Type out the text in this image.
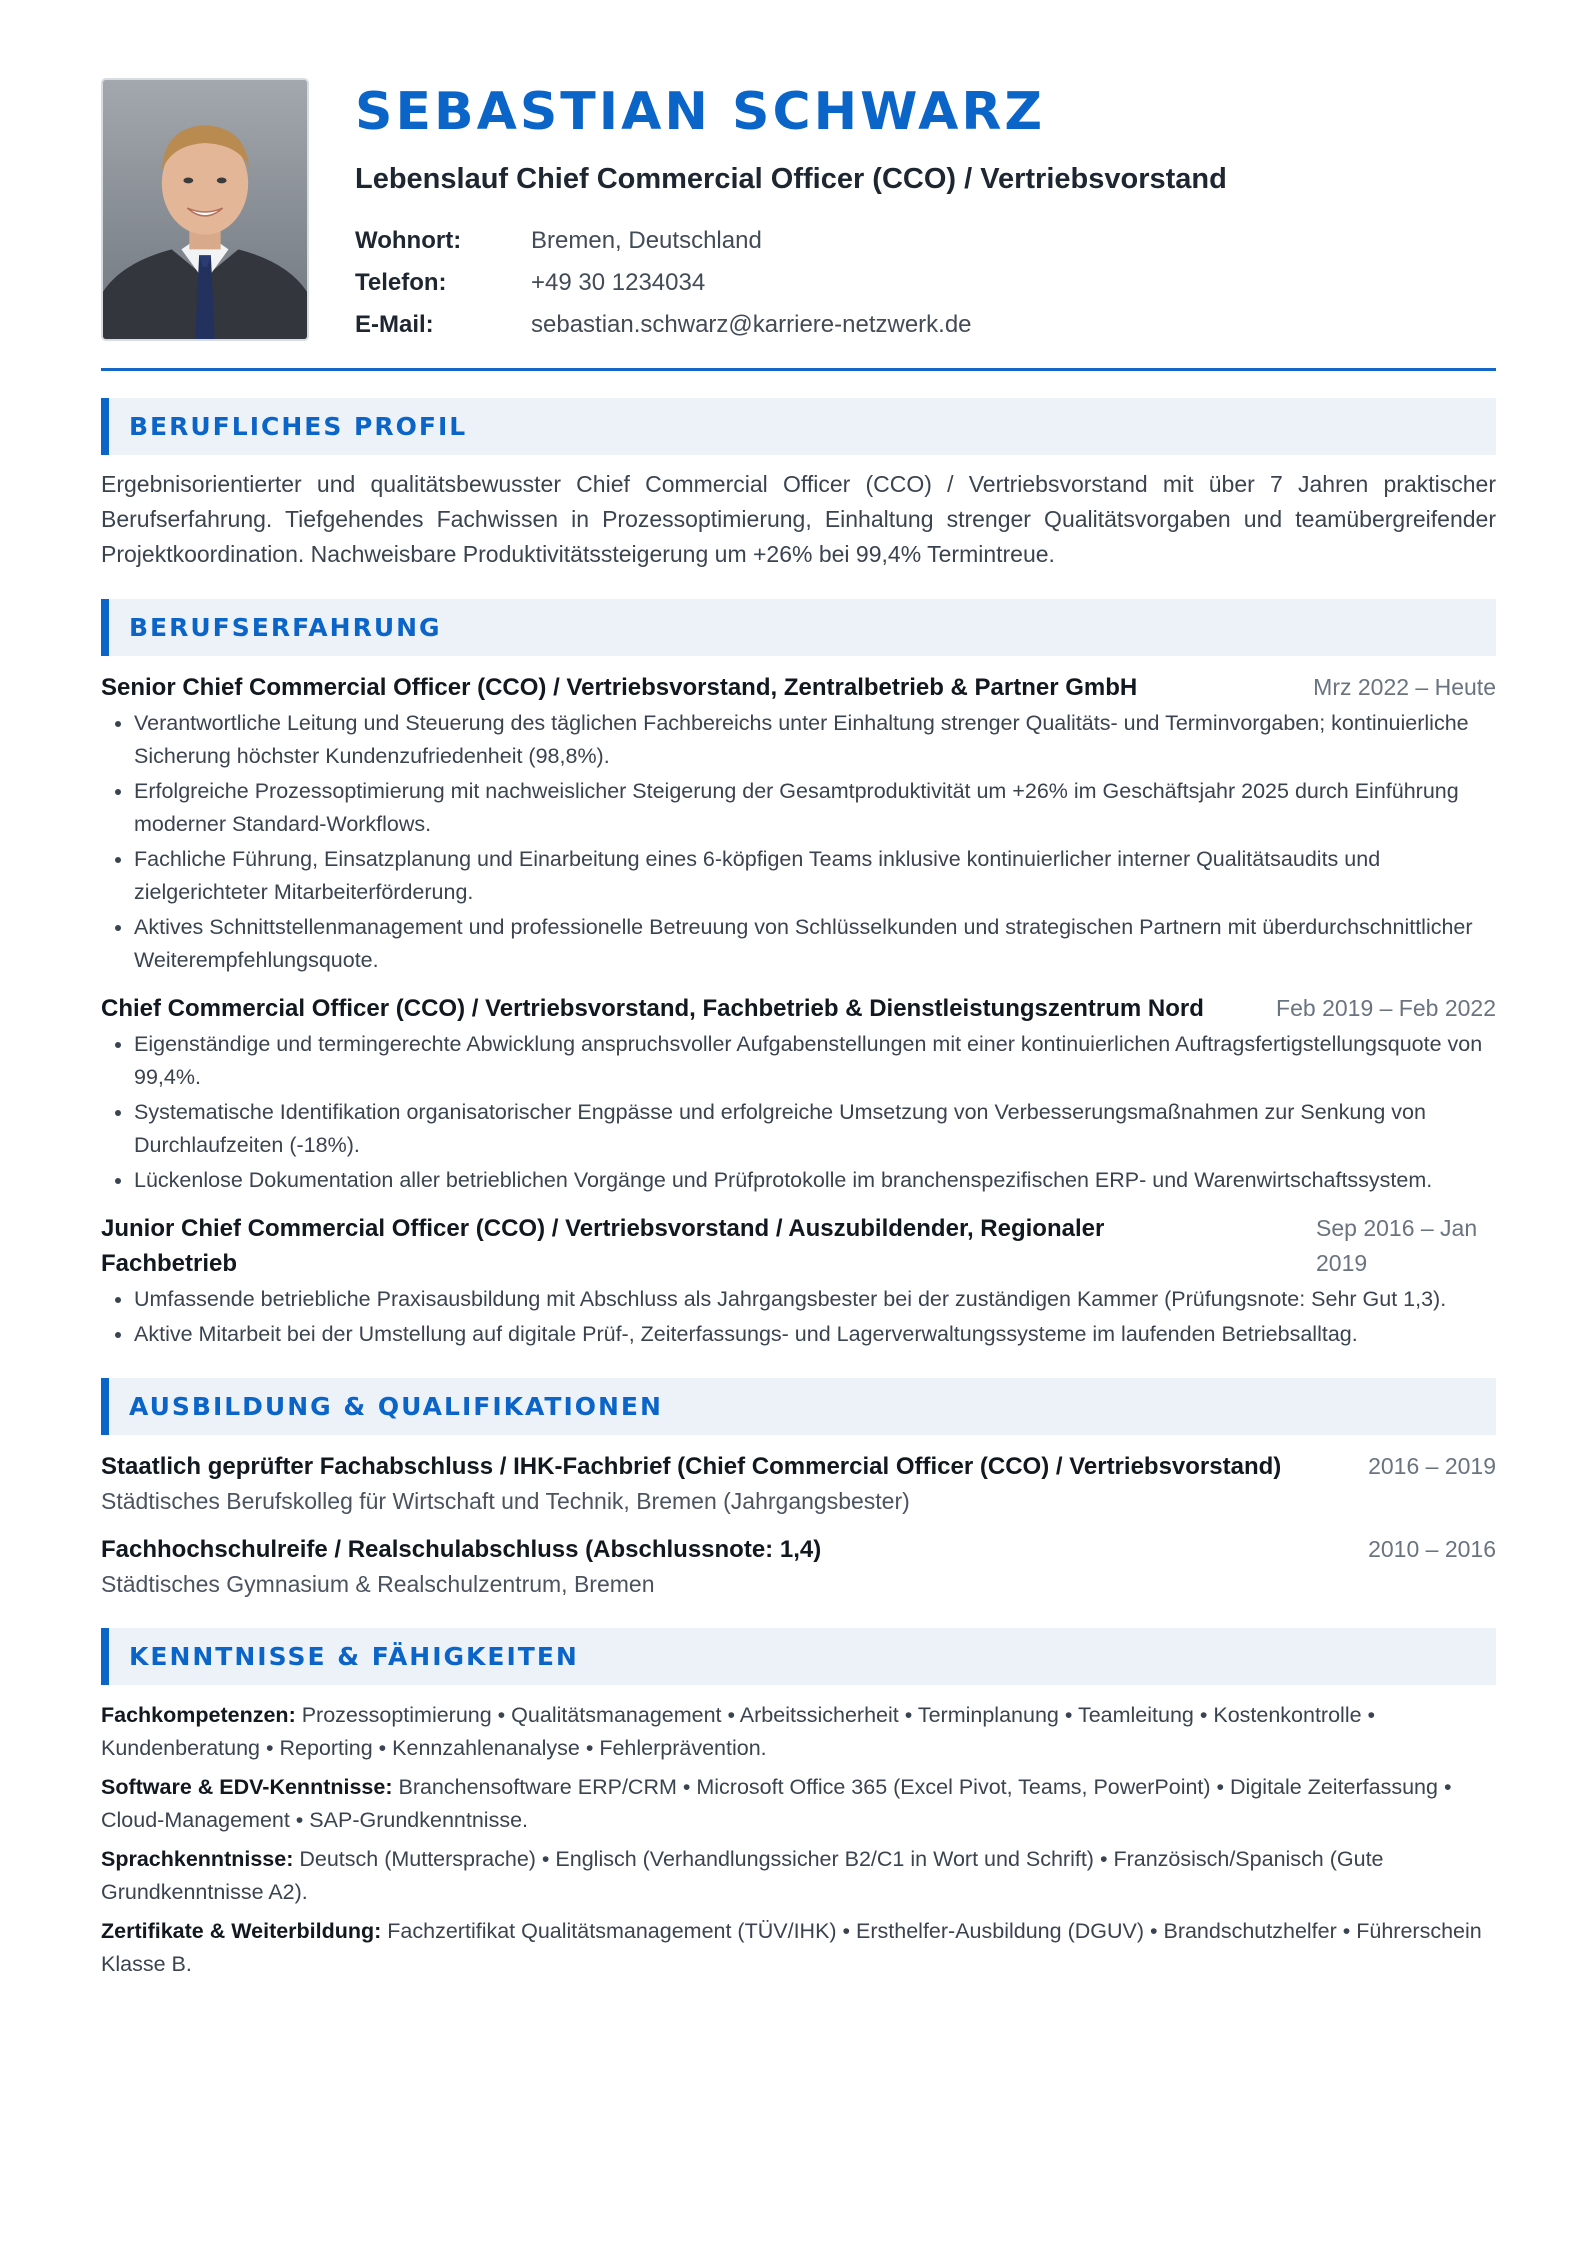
SEBASTIAN SCHWARZ
Lebenslauf Chief Commercial Officer (CCO) / Vertriebsvorstand
Wohnort:	Bremen, Deutschland
Telefon:	+49 30 1234034
E-Mail:	sebastian.schwarz@karriere-netzwerk.de
BERUFLICHES PROFIL

Ergebnisorientierter und qualitätsbewusster Chief Commercial Officer (CCO) / Vertriebsvorstand mit über 7 Jahren praktischer Berufserfahrung. Tiefgehendes Fachwissen in Prozessoptimierung, Einhaltung strenger Qualitätsvorgaben und teamübergreifender Projektkoordination. Nachweisbare Produktivitätssteigerung um +26% bei 99,4% Termintreue.

BERUFSERFAHRUNG
Senior Chief Commercial Officer (CCO) / Vertriebsvorstand, Zentralbetrieb & Partner GmbH	Mrz 2022 – Heute
• Verantwortliche Leitung und Steuerung des täglichen Fachbereichs unter Einhaltung strenger Qualitäts- und Terminvorgaben; kontinuierliche Sicherung höchster Kundenzufriedenheit (98,8%).
• Erfolgreiche Prozessoptimierung mit nachweislicher Steigerung der Gesamtproduktivität um +26% im Geschäftsjahr 2025 durch Einführung moderner Standard-Workflows.
• Fachliche Führung, Einsatzplanung und Einarbeitung eines 6-köpfigen Teams inklusive kontinuierlicher interner Qualitätsaudits und zielgerichteter Mitarbeiterförderung.
• Aktives Schnittstellenmanagement und professionelle Betreuung von Schlüsselkunden und strategischen Partnern mit überdurchschnittlicher Weiterempfehlungsquote.
Chief Commercial Officer (CCO) / Vertriebsvorstand, Fachbetrieb & Dienstleistungszentrum Nord	Feb 2019 – Feb 2022
• Eigenständige und termingerechte Abwicklung anspruchsvoller Aufgabenstellungen mit einer kontinuierlichen Auftragsfertigstellungsquote von 99,4%.
• Systematische Identifikation organisatorischer Engpässe und erfolgreiche Umsetzung von Verbesserungsmaßnahmen zur Senkung von Durchlaufzeiten (-18%).
• Lückenlose Dokumentation aller betrieblichen Vorgänge und Prüfprotokolle im branchenspezifischen ERP- und Warenwirtschaftssystem.
Junior Chief Commercial Officer (CCO) / Vertriebsvorstand / Auszubildender, Regionaler Fachbetrieb
Sep 2016 – Jan 2019
• Umfassende betriebliche Praxisausbildung mit Abschluss als Jahrgangsbester bei der zuständigen Kammer (Prüfungsnote: Sehr Gut 1,3).
• Aktive Mitarbeit bei der Umstellung auf digitale Prüf-, Zeiterfassungs- und Lagerverwaltungssysteme im laufenden Betriebsalltag.
AUSBILDUNG & QUALIFIKATIONEN
Staatlich geprüfter Fachabschluss / IHK-Fachbrief (Chief Commercial Officer (CCO) / Vertriebsvorstand)	2016 – 2019
Städtisches Berufskolleg für Wirtschaft und Technik, Bremen (Jahrgangsbester)
Fachhochschulreife / Realschulabschluss (Abschlussnote: 1,4)	2010 – 2016
Städtisches Gymnasium & Realschulzentrum, Bremen
KENNTNISSE & FÄHIGKEITEN
Fachkompetenzen: Prozessoptimierung • Qualitätsmanagement • Arbeitssicherheit • Terminplanung • Teamleitung • Kostenkontrolle • Kundenberatung • Reporting • Kennzahlenanalyse • Fehlerprävention.
Software & EDV-Kenntnisse: Branchensoftware ERP/CRM • Microsoft Office 365 (Excel Pivot, Teams, PowerPoint) • Digitale Zeiterfassung • Cloud-Management • SAP-Grundkenntnisse.
Sprachkenntnisse: Deutsch (Muttersprache) • Englisch (Verhandlungssicher B2/C1 in Wort und Schrift) • Französisch/Spanisch (Gute Grundkenntnisse A2).
Zertifikate & Weiterbildung: Fachzertifikat Qualitätsmanagement (TÜV/IHK) • Ersthelfer-Ausbildung (DGUV) • Brandschutzhelfer • Führerschein Klasse B.
